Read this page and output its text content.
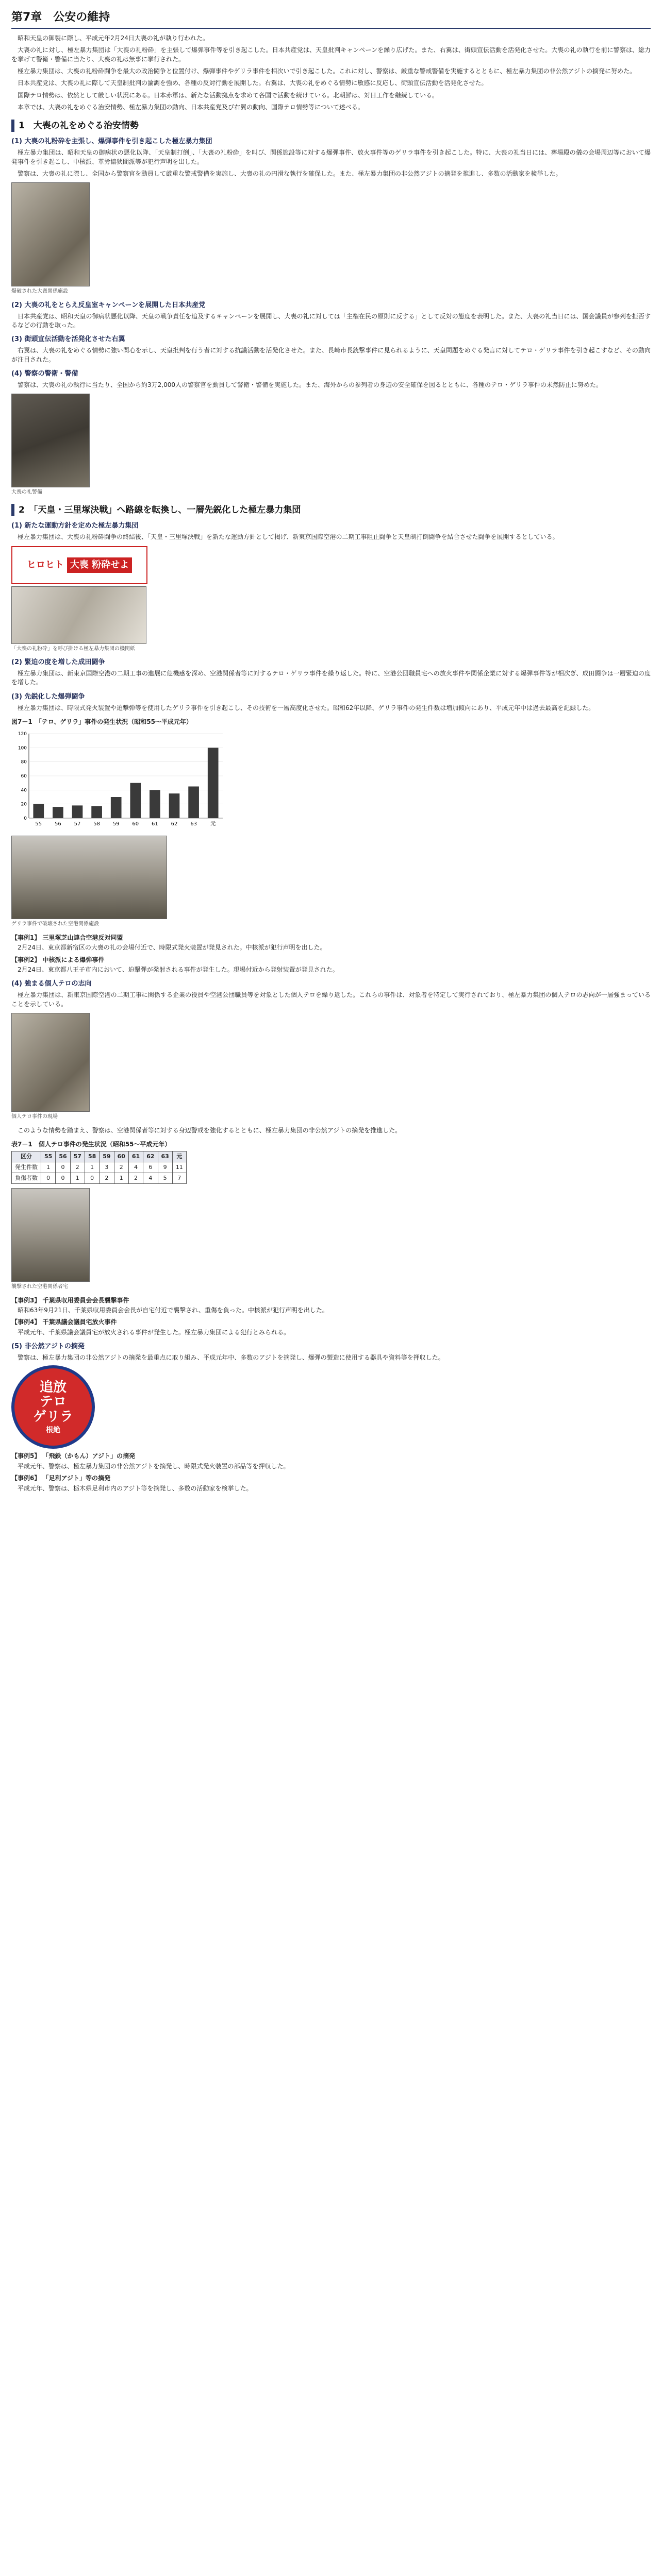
第7章　公安の維持

昭和天皇の御製に際し、平成元年2月24日大喪の礼が執り行われた。

大喪の礼に対し、極左暴力集団は「大喪の礼粉砕」を主張して爆弾事件等を引き起こした。日本共産党は、天皇批判キャンペーンを繰り広げた。また、右翼は、街頭宣伝活動を活発化させた。大喪の礼の執行を前に警察は、総力を挙げて警衛・警備に当たり、大喪の礼は無事に挙行された。

極左暴力集団は、大喪の礼粉砕闘争を最大の政治闘争と位置付け、爆弾事件やゲリラ事件を相次いで引き起こした。これに対し、警察は、厳重な警戒警備を実施するとともに、極左暴力集団の非公然アジトの摘発に努めた。

日本共産党は、大喪の礼に際して天皇制批判の論調を強め、各種の反対行動を展開した。右翼は、大喪の礼をめぐる情勢に敏感に反応し、街頭宣伝活動を活発化させた。

国際テロ情勢は、依然として厳しい状況にある。日本赤軍は、新たな活動拠点を求めて各国で活動を続けている。北朝鮮は、対日工作を継続している。

本章では、大喪の礼をめぐる治安情勢、極左暴力集団の動向、日本共産党及び右翼の動向、国際テロ情勢等について述べる。

1　大喪の礼をめぐる治安情勢
(1) 大喪の礼粉砕を主張し、爆弾事件を引き起こした極左暴力集団

極左暴力集団は、昭和天皇の御病状の悪化以降、「天皇制打倒」、「大喪の礼粉砕」を叫び、関係施設等に対する爆弾事件、放火事件等のゲリラ事件を引き起こした。特に、大喪の礼当日には、葬場殿の儀の会場周辺等において爆発事件を引き起こし、中核派、革労協狭間派等が犯行声明を出した。

警察は、大喪の礼に際し、全国から警察官を動員して厳重な警戒警備を実施し、大喪の礼の円滑な執行を確保した。また、極左暴力集団の非公然アジトの摘発を推進し、多数の活動家を検挙した。

爆破された大喪関係施設
(2) 大喪の礼をとらえ反皇室キャンペーンを展開した日本共産党

日本共産党は、昭和天皇の御病状悪化以降、天皇の戦争責任を追及するキャンペーンを展開し、大喪の礼に対しては「主権在民の原則に反する」として反対の態度を表明した。また、大喪の礼当日には、国会議員が参列を拒否するなどの行動を取った。

(3) 街頭宣伝活動を活発化させた右翼

右翼は、大喪の礼をめぐる情勢に強い関心を示し、天皇批判を行う者に対する抗議活動を活発化させた。また、長崎市長銃撃事件に見られるように、天皇問題をめぐる発言に対してテロ・ゲリラ事件を引き起こすなど、その動向が注目された。

(4) 警察の警衛・警備

警察は、大喪の礼の執行に当たり、全国から約3万2,000人の警察官を動員して警衛・警備を実施した。また、海外からの参列者の身辺の安全確保を図るとともに、各種のテロ・ゲリラ事件の未然防止に努めた。

大喪の礼警備
2　「天皇・三里塚決戦」へ路線を転換し、一層先鋭化した極左暴力集団
(1) 新たな運動方針を定めた極左暴力集団

極左暴力集団は、大喪の礼粉砕闘争の終結後、「天皇・三里塚決戦」を新たな運動方針として掲げ、新東京国際空港の二期工事阻止闘争と天皇制打倒闘争を結合させた闘争を展開するとしている。

ヒロヒト 大喪 粉砕せよ
「大喪の礼粉砕」を呼び掛ける極左暴力集団の機関紙
(2) 緊迫の度を増した成田闘争

極左暴力集団は、新東京国際空港の二期工事の進展に危機感を深め、空港関係者等に対するテロ・ゲリラ事件を繰り返した。特に、空港公団職員宅への放火事件や関係企業に対する爆弾事件等が相次ぎ、成田闘争は一層緊迫の度を増した。

(3) 先鋭化した爆弾闘争

極左暴力集団は、時限式発火装置や迫撃弾等を使用したゲリラ事件を引き起こし、その技術を一層高度化させた。昭和62年以降、ゲリラ事件の発生件数は増加傾向にあり、平成元年中は過去最高を記録した。

図7－1　「テロ、ゲリラ」事件の発生状況（昭和55～平成元年）
0
20
40
60
80
100
120
55 56 57 58 59 60 61 62 63	元
ゲリラ事件で破壊された空港関係施設
【事例1】 三里塚芝山連合空港反対同盟

2月24日、東京都新宿区の大喪の礼の会場付近で、時限式発火装置が発見された。中核派が犯行声明を出した。

【事例2】 中核派による爆弾事件

2月24日、東京都八王子市内において、迫撃弾が発射される事件が発生した。現場付近から発射装置が発見された。

(4) 強まる個人テロの志向

極左暴力集団は、新東京国際空港の二期工事に関係する企業の役員や空港公団職員等を対象とした個人テロを繰り返した。これらの事件は、対象者を特定して実行されており、極左暴力集団の個人テロの志向が一層強まっていることを示している。

個人テロ事件の現場

このような情勢を踏まえ、警察は、空港関係者等に対する身辺警戒を強化するとともに、極左暴力集団の非公然アジトの摘発を推進した。

表7－1　個人テロ事件の発生状況（昭和55～平成元年）
区分	55	56	57	58	59	60	61	62	63	元
発生件数	1	0	2	1	3	2	4	6	9	11
負傷者数	0	0	1	0	2	1	2	4	5	7
襲撃された空港関係者宅
【事例3】 千葉県収用委員会会長襲撃事件

昭和63年9月21日、千葉県収用委員会会長が自宅付近で襲撃され、重傷を負った。中核派が犯行声明を出した。

【事例4】 千葉県議会議員宅放火事件

平成元年、千葉県議会議員宅が放火される事件が発生した。極左暴力集団による犯行とみられる。

(5) 非公然アジトの摘発

警察は、極左暴力集団の非公然アジトの摘発を最重点に取り組み、平成元年中、多数のアジトを摘発し、爆弾の製造に使用する器具や資料等を押収した。

追放
テロ
ゲリラ
根絶
【事例5】 「飛鉄（かもん）アジト」の摘発

平成元年、警察は、極左暴力集団の非公然アジトを摘発し、時限式発火装置の部品等を押収した。

【事例6】 「足利アジト」等の摘発

平成元年、警察は、栃木県足利市内のアジト等を摘発し、多数の活動家を検挙した。
